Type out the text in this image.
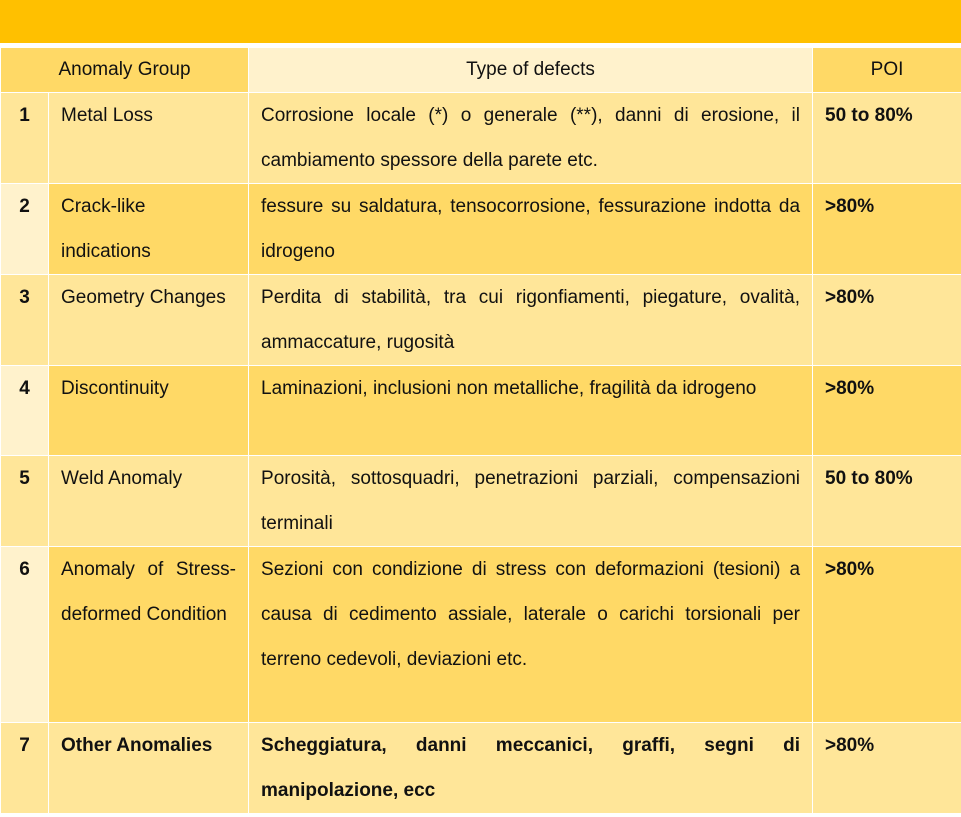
Anomaly Group		Type of defects	POI
1	Metal Loss	Corrosione locale (*) o generale (**), danni di erosione, il cambiamento spessore della parete etc.	50 to 80%
2	Crack-like indications	fessure su saldatura, tensocorrosione, fessurazione indotta da idrogeno	>80%
3	Geometry Changes	Perdita di stabilità, tra cui rigonfiamenti, piegature, ovalità, ammaccature, rugosità	>80%
4	Discontinuity	Laminazioni, inclusioni non metalliche, fragilità da idrogeno	>80%
5	Weld Anomaly	Porosità, sottosquadri, penetrazioni parziali, compensazioni terminali	50 to 80%
6	Anomaly of Stress-deformed Condition	Sezioni con condizione di stress con deformazioni (tesioni) a causa di cedimento assiale, laterale o carichi torsionali per terreno cedevoli, deviazioni etc.	>80%
7	Other Anomalies	Scheggiatura, danni meccanici, graffi, segni di manipolazione, ecc	>80%
